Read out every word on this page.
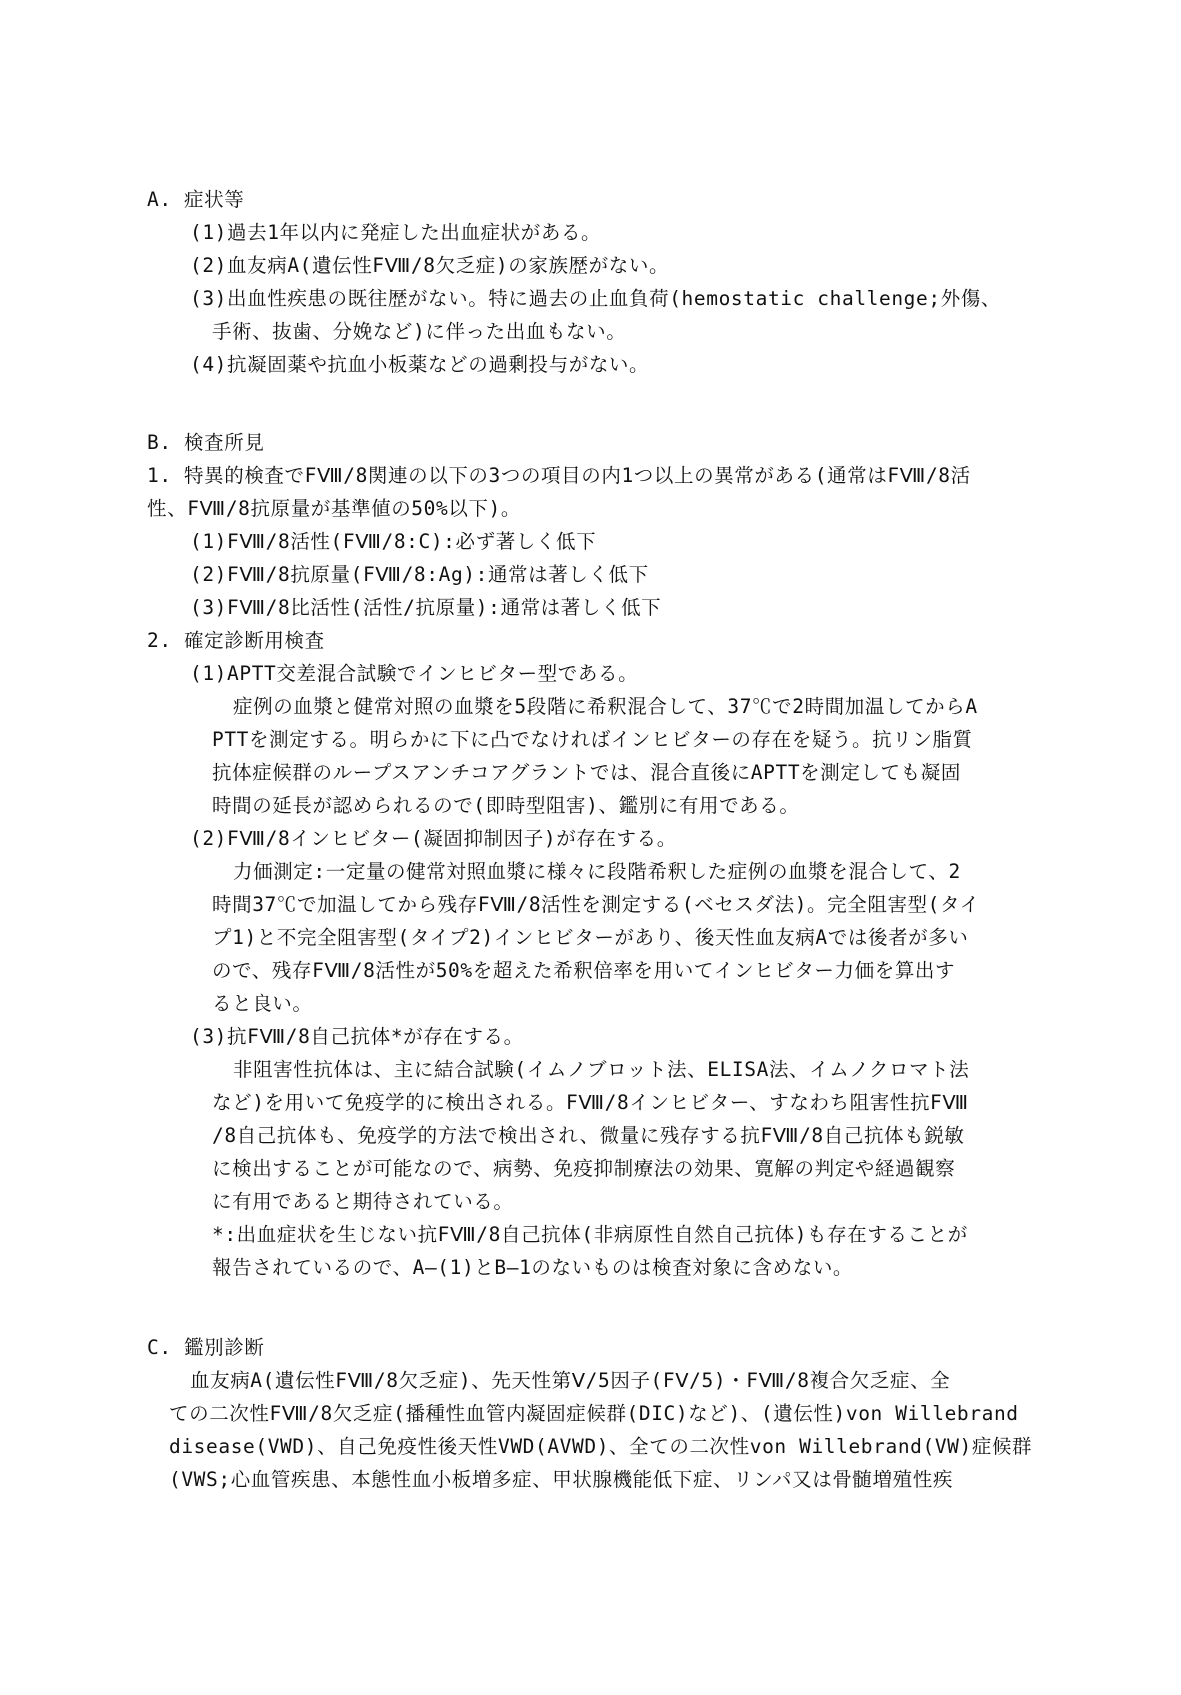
A. 症状等
(1)過去1年以内に発症した出血症状がある。
(2)血友病A(遺伝性FⅧ/8欠乏症)の家族歴がない。
(3)出血性疾患の既往歴がない。特に過去の止血負荷(hemostatic challenge;外傷、
手術、抜歯、分娩など)に伴った出血もない。
(4)抗凝固薬や抗血小板薬などの過剰投与がない。
B. 検査所見
1. 特異的検査でFⅧ/8関連の以下の3つの項目の内1つ以上の異常がある(通常はFⅧ/8活
性、FⅧ/8抗原量が基準値の50%以下)。
(1)FⅧ/8活性(FⅧ/8:C):必ず著しく低下
(2)FⅧ/8抗原量(FⅧ/8:Ag):通常は著しく低下
(3)FⅧ/8比活性(活性/抗原量):通常は著しく低下
2. 確定診断用検査
(1)APTT交差混合試験でインヒビター型である。
症例の血漿と健常対照の血漿を5段階に希釈混合して、37℃で2時間加温してからA
PTTを測定する。明らかに下に凸でなければインヒビターの存在を疑う。抗リン脂質
抗体症候群のループスアンチコアグラントでは、混合直後にAPTTを測定しても凝固
時間の延長が認められるので(即時型阻害)、鑑別に有用である。
(2)FⅧ/8インヒビター(凝固抑制因子)が存在する。
力価測定:一定量の健常対照血漿に様々に段階希釈した症例の血漿を混合して、2
時間37℃で加温してから残存FⅧ/8活性を測定する(ベセスダ法)。完全阻害型(タイ
プ1)と不完全阻害型(タイプ2)インヒビターがあり、後天性血友病Aでは後者が多い
ので、残存FⅧ/8活性が50%を超えた希釈倍率を用いてインヒビター力価を算出す
ると良い。
(3)抗FⅧ/8自己抗体*が存在する。
非阻害性抗体は、主に結合試験(イムノブロット法、ELISA法、イムノクロマト法
など)を用いて免疫学的に検出される。FⅧ/8インヒビター、すなわち阻害性抗FⅧ
/8自己抗体も、免疫学的方法で検出され、微量に残存する抗FⅧ/8自己抗体も鋭敏
に検出することが可能なので、病勢、免疫抑制療法の効果、寛解の判定や経過観察
に有用であると期待されている。
*:出血症状を生じない抗FⅧ/8自己抗体(非病原性自然自己抗体)も存在することが
報告されているので、A—(1)とB—1のないものは検査対象に含めない。
C. 鑑別診断
血友病A(遺伝性FⅧ/8欠乏症)、先天性第Ⅴ/5因子(FⅤ/5)・FⅧ/8複合欠乏症、全
ての二次性FⅧ/8欠乏症(播種性血管内凝固症候群(DIC)など)、(遺伝性)von Willebrand
disease(VWD)、自己免疫性後天性VWD(AVWD)、全ての二次性von Willebrand(VW)症候群
(VWS;心血管疾患、本態性血小板増多症、甲状腺機能低下症、リンパ又は骨髄増殖性疾
